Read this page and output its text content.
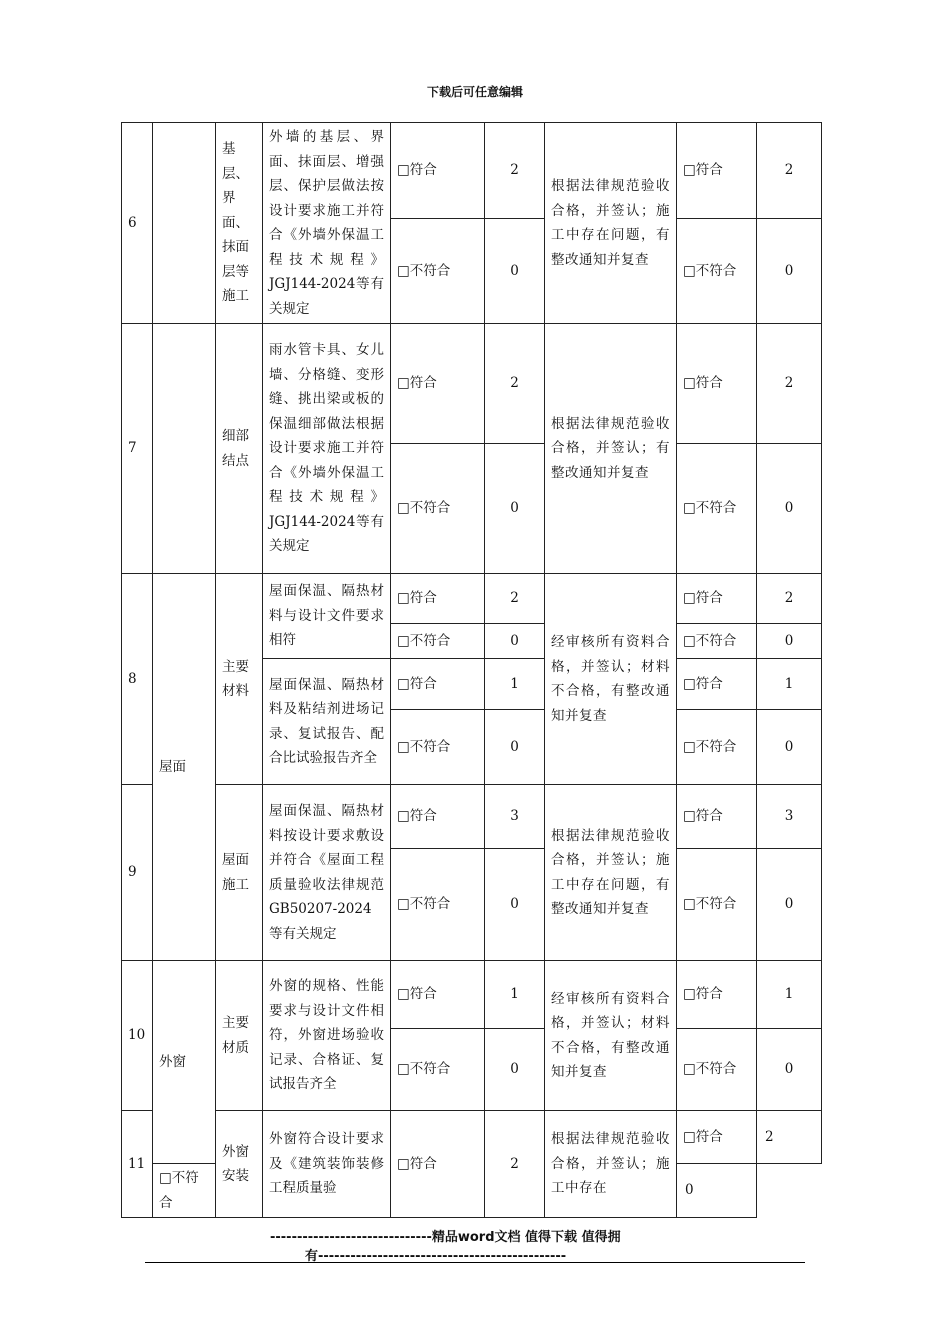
下载后可任意编辑
6		基层、界面、抹面层等施工	外墙的基层、界面、抹面层、增强层、保护层做法按设计要求施工并符合《外墙外保温工程技术规程》JGJ144-2024等有关规定	□符合	2	根据法律规范验收合格，并签认；施工中存在问题，有整改通知并复查	□符合	2
				□不符合	0		□不符合	0
7		细部结点	雨水管卡具、女儿墙、分格缝、变形缝、挑出梁或板的保温细部做法根据设计要求施工并符合《外墙外保温工程技术规程》JGJ144-2024等有关规定	□符合	2	根据法律规范验收合格，并签认；有整改通知并复查	□符合	2
				□不符合	0		□不符合	0
8	屋面	主要材料	屋面保温、隔热材料与设计文件要求相符	□符合	2	经审核所有资料合格，并签认；材料不合格，有整改通知并复查	□符合	2
				□不符合	0		□不符合	0
			屋面保温、隔热材料及粘结剂进场记录、复试报告、配合比试验报告齐全	□符合	1		□符合	1
				□不符合	0		□不符合	0
9		屋面施工	屋面保温、隔热材料按设计要求敷设并符合《屋面工程质量验收法律规范GB50207-2024等有关规定	□符合	3	根据法律规范验收合格，并签认；施工中存在问题，有整改通知并复查	□符合	3
				□不符合	0		□不符合	0
10	外窗	主要材质	外窗的规格、性能要求与设计文件相符，外窗进场验收记录、合格证、复试报告齐全	□符合	1	经审核所有资料合格，并签认；材料不合格，有整改通知并复查	□符合	1
				□不符合	0		□不符合	0
11		外窗安装	外窗符合设计要求及《建筑装饰装修工程质量验	□符合	2	根据法律规范验收合格，并签认；施工中存在	□符合	2
	□不符合						0	
------------------------------精品word文档 值得下载 值得拥
有----------------------------------------------
